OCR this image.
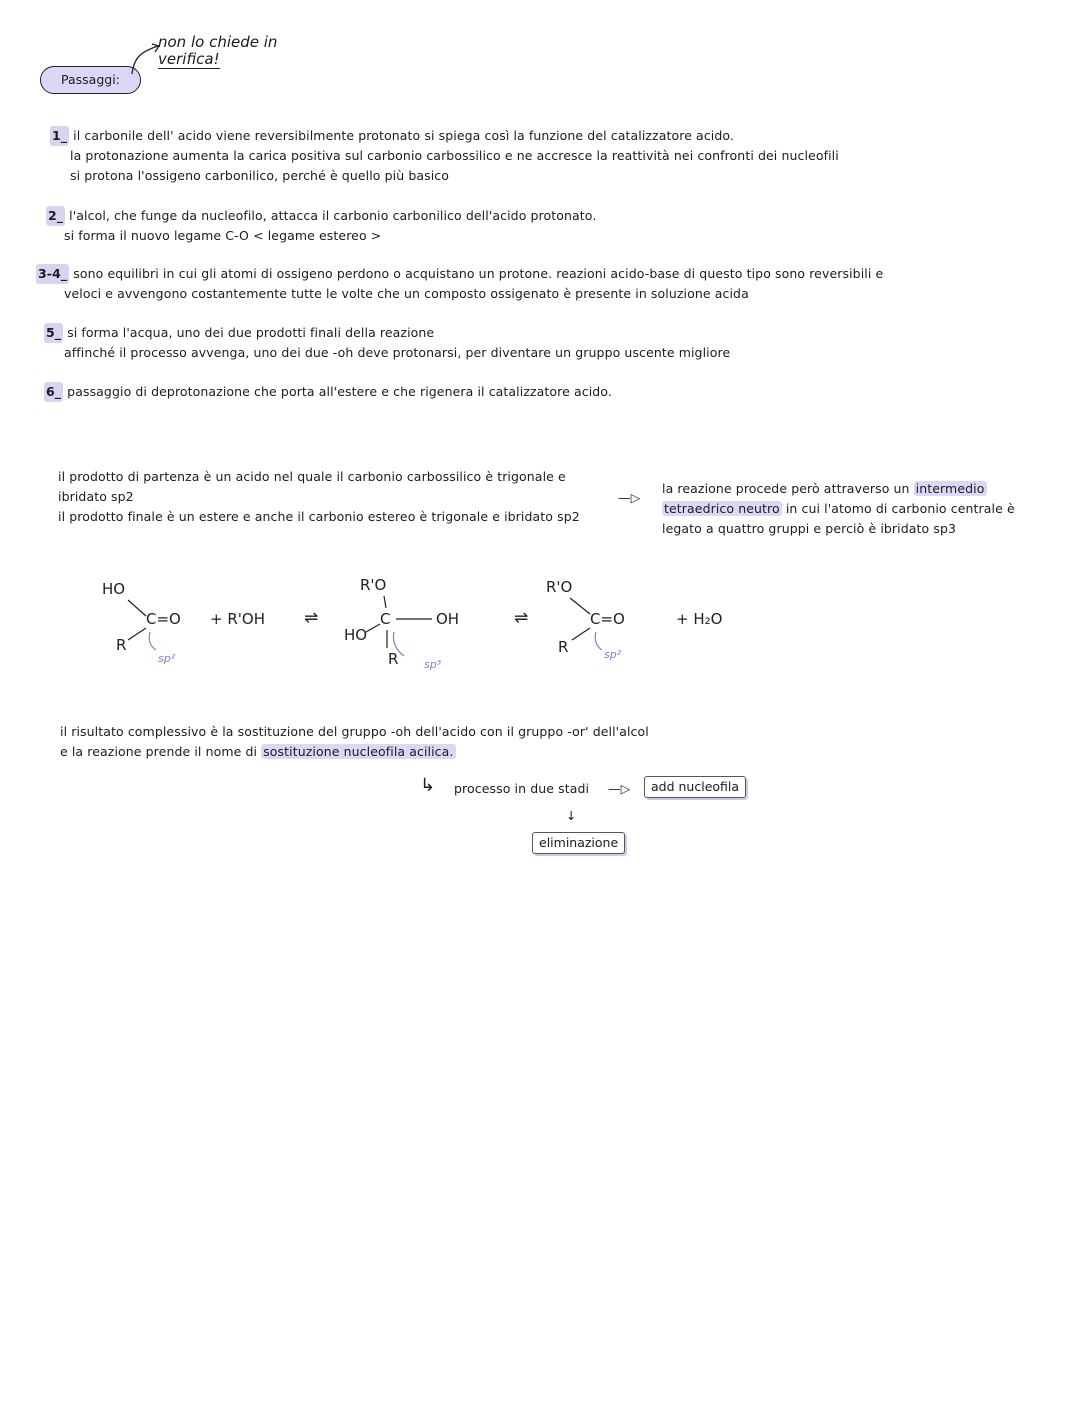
Passaggi:
non lo chiede in
verifica!
1_ il carbonile dell' acido viene reversibilmente protonato si spiega così la funzione del catalizzatore acido.
la protonazione aumenta la carica positiva sul carbonio carbossilico e ne accresce la reattività nei confronti dei nucleofili
si protona l'ossigeno carbonilico, perché è quello più basico
2_ l'alcol, che funge da nucleofilo, attacca il carbonio carbonilico dell'acido protonato.
si forma il nuovo legame C-O < legame estereo >
3-4_ sono equilibri in cui gli atomi di ossigeno perdono o acquistano un protone. reazioni acido-base di questo tipo sono reversibili e
veloci e avvengono costantemente tutte le volte che un composto ossigenato è presente in soluzione acida
5_ si forma l'acqua, uno dei due prodotti finali della reazione
affinché il processo avvenga, uno dei due -oh deve protonarsi, per diventare un gruppo uscente migliore
6_ passaggio di deprotonazione che porta all'estere e che rigenera il catalizzatore acido.
il prodotto di partenza è un acido nel quale il carbonio carbossilico è trigonale e
ibridato sp2
il prodotto finale è un estere e anche il carbonio estereo è trigonale e ibridato sp2
—▷
la reazione procede però attraverso un intermedio
tetraedrico neutro in cui l'atomo di carbonio centrale è
legato a quattro gruppi e perciò è ibridato sp3
HO
C=O
R
sp²
+ R'OH ⇌
R'O
C	OH
HO
R sp³
⇌
R'O
C=O
R	sp²
+ H₂O
il risultato complessivo è la sostituzione del gruppo -oh dell'acido con il gruppo -or' dell'alcol
e la reazione prende il nome di sostituzione nucleofila acilica.
↳ processo in due stadi —▷	add nucleofila
↓
eliminazione
